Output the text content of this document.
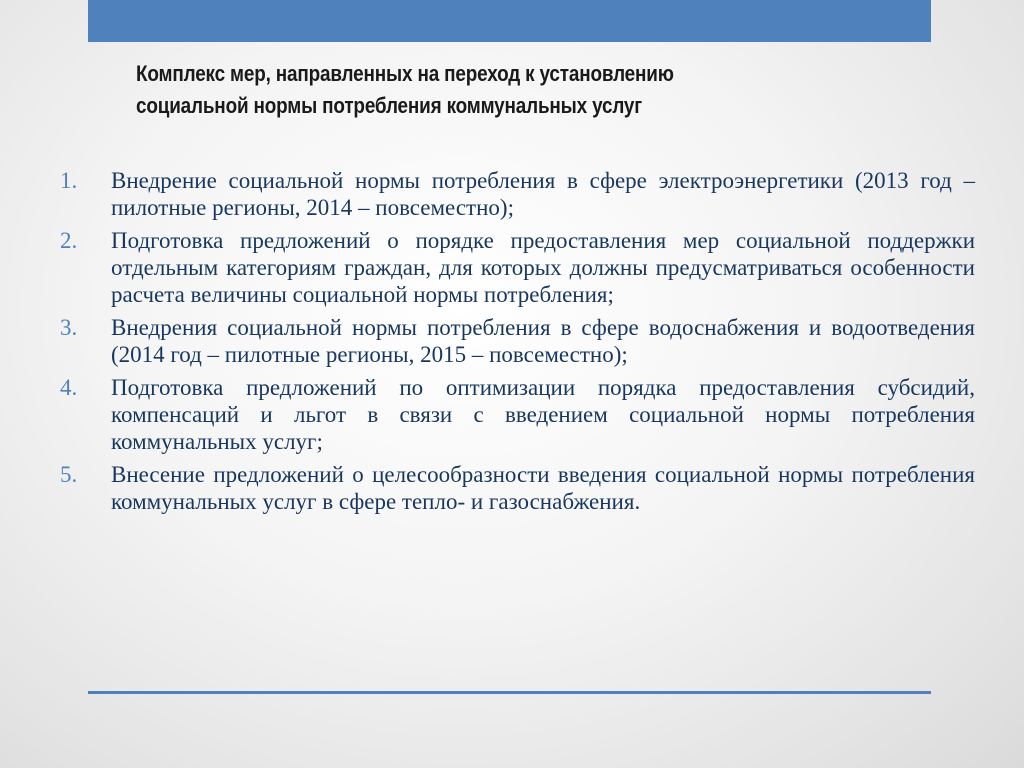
Комплекс мер, направленных на переход к установлению
социальной нормы потребления коммунальных услуг
1.	Внедрение социальной нормы потребления в сфере электроэнергетики (2013 год – пилотные регионы, 2014 – повсеместно);
2.	Подготовка предложений о порядке предоставления мер социальной поддержки отдельным категориям граждан, для которых должны предусматриваться особенности расчета величины социальной нормы потребления;
3.	Внедрения социальной нормы потребления в сфере водоснабжения и водоотведения (2014 год – пилотные регионы, 2015 – повсеместно);
4.	Подготовка предложений по оптимизации порядка предоставления субсидий, компенсаций и льгот в связи с введением социальной нормы потребления коммунальных услуг;
5.	Внесение предложений о целесообразности введения социальной нормы потребления коммунальных услуг в сфере тепло- и газоснабжения.
